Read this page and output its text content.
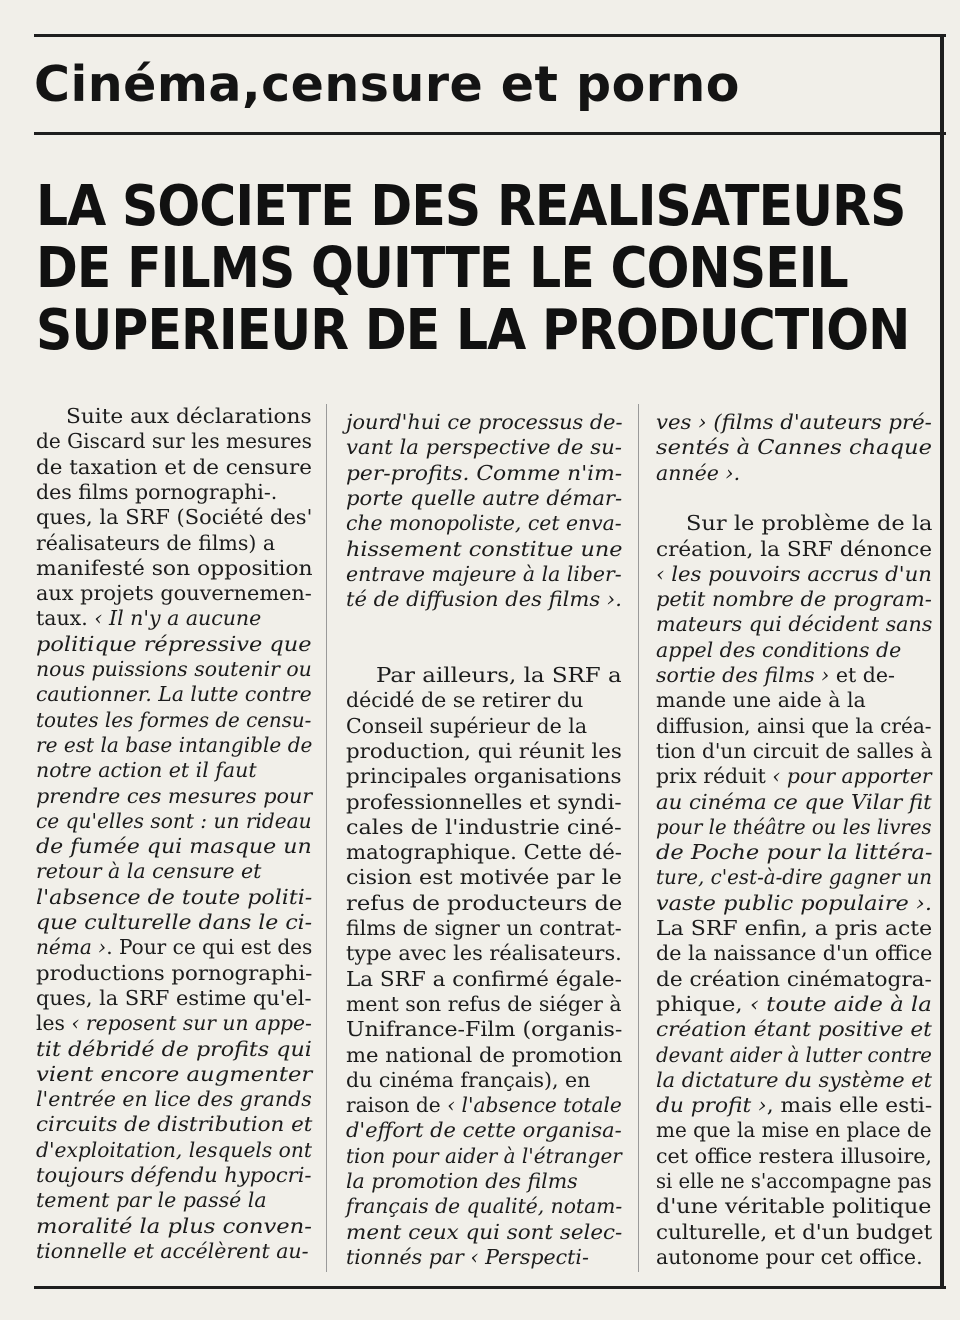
Cinéma,censure et porno
LA SOCIETE DES REALISATEURS
DE FILMS QUITTE LE CONSEIL
SUPERIEUR DE LA PRODUCTION
Suite aux déclarations
de Giscard sur les mesures
de taxation et de censure
des films pornographi-.
ques, la SRF (Société des'
réalisateurs de films) a
manifesté son opposition
aux projets gouvernemen-
taux. ‹ Il n'y a aucune
politique répressive que
nous puissions soutenir ou
cautionner. La lutte contre
toutes les formes de censu-
re est la base intangible de
notre action et il faut
prendre ces mesures pour
ce qu'elles sont : un rideau
de fumée qui masque un
retour à la censure et
l'absence de toute politi-
que culturelle dans le ci-
néma ›. Pour ce qui est des
productions pornographi-
ques, la SRF estime qu'el-
les ‹ reposent sur un appe-
tit débridé de profits qui
vient encore augmenter
l'entrée en lice des grands
circuits de distribution et
d'exploitation, lesquels ont
toujours défendu hypocri-
tement par le passé la
moralité la plus conven-
tionnelle et accélèrent au-
jourd'hui ce processus de-
vant la perspective de su-
per-profits. Comme n'im-
porte quelle autre démar-
che monopoliste, cet enva-
hissement constitue une
entrave majeure à la liber-
té de diffusion des films ›.
Par ailleurs, la SRF a
décidé de se retirer du
Conseil supérieur de la
production, qui réunit les
principales organisations
professionnelles et syndi-
cales de l'industrie ciné-
matographique. Cette dé-
cision est motivée par le
refus de producteurs de
films de signer un contrat-
type avec les réalisateurs.
La SRF a confirmé égale-
ment son refus de siéger à
Unifrance-Film (organis-
me national de promotion
du cinéma français), en
raison de ‹ l'absence totale
d'effort de cette organisa-
tion pour aider à l'étranger
la promotion des films
français de qualité, notam-
ment ceux qui sont selec-
tionnés par ‹ Perspecti-
ves › (films d'auteurs pré-
sentés à Cannes chaque
année ›.
Sur le problème de la
création, la SRF dénonce
‹ les pouvoirs accrus d'un
petit nombre de program-
mateurs qui décident sans
appel des conditions de
sortie des films › et de-
mande une aide à la
diffusion, ainsi que la créa-
tion d'un circuit de salles à
prix réduit ‹ pour apporter
au cinéma ce que Vilar fit
pour le théâtre ou les livres
de Poche pour la littéra-
ture, c'est-à-dire gagner un
vaste public populaire ›.
La SRF enfin, a pris acte
de la naissance d'un office
de création cinématogra-
phique, ‹ toute aide à la
création étant positive et
devant aider à lutter contre
la dictature du système et
du profit ›, mais elle esti-
me que la mise en place de
cet office restera illusoire,
si elle ne s'accompagne pas
d'une véritable politique
culturelle, et d'un budget
autonome pour cet office.
